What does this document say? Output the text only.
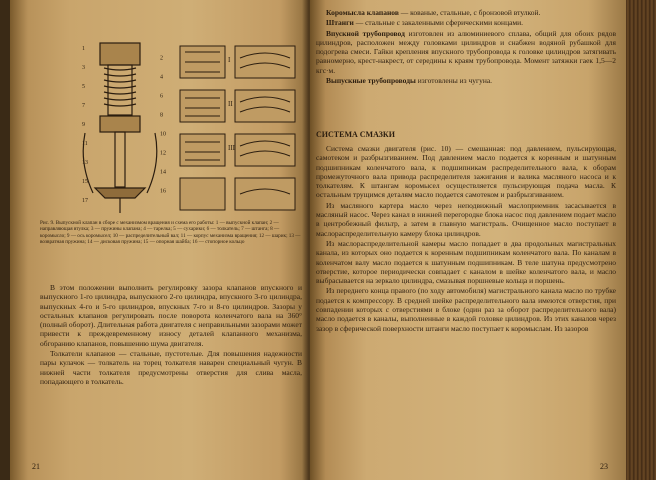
1
2
3
4
5
6
7
8
9
10
11
12
13
14
15
16
17
I
II
III
Рис. 9. Выпускной клапан в сборе с механизмом вращения и схема его работы: 1 — выпускной клапан; 2 — направляющая втулка; 3 — пружины клапана; 4 — тарелка; 5 — сухарики; 6 — толкатель; 7 — штанга; 8 — коромысло; 9 — ось коромысел; 10 — распределительный вал; 11 — корпус механизма вращения; 12 — шарик; 13 — возвратная пружина; 14 — дисковая пружина; 15 — опорная шайба; 16 — стопорное кольцо

В этом положении выполнить регулировку зазора клапанов впускного и выпускного 1-го цилиндра, выпускного 2-го цилиндра, впускного 3-го цилиндра, выпускных 4-го и 5-го цилиндров, впускных 7-го и 8-го цилиндров. Зазоры у остальных клапанов регулировать после поворота коленчатого вала на 360° (полный оборот). Длительная работа двигателя с неправильными зазорами может привести к преждевременному износу деталей клапанного механизма, обгоранию клапанов, повышению шума двигателя.

Толкатели клапанов — стальные, пустотелые. Для повышения надежности пары кулачок — толкатель на торец толкателя наварен специальный чугун. В нижней части толкателя предусмотрены отверстия для слива масла, попадающего в толкатель.

21

Коромысла клапанов — кованые, стальные, с бронзовой втулкой.

Штанги — стальные с закаленными сферическими концами.

Впускной трубопровод изготовлен из алюминиевого сплава, общий для обоих рядов цилиндров, расположен между головками цилиндров и снабжен водяной рубашкой для подогрева смеси. Гайки крепления впускного трубопровода к головке цилиндров затягивать равномерно, крест-накрест, от середины к краям трубопровода. Момент затяжки гаек 1,5—2 кгс·м.

Выпускные трубопроводы изготовлены из чугуна.

СИСТЕМА СМАЗКИ

Система смазки двигателя (рис. 10) — смешанная: под давлением, пульсирующая, самотеком и разбрызгиванием. Под давлением масло подается к коренным и шатунным подшипникам коленчатого вала, к подшипникам распределительного вала, к оборам промежуточного вала привода распределителя зажигания и валика масляного насоса и к толкателям. К штангам коромысел осуществляется пульсирующая подача масла. К остальным трущимся деталям масло подается самотеком и разбрызгиванием.

Из масляного картера масло через неподвижный маслоприемник засасывается в масляный насос. Через канал в нижней перегородке блока насос под давлением подает масло в центробежный фильтр, а затем в главную магистраль. Очищенное масло поступает в маслораспределительную камеру блока цилиндров.

Из маслораспределительной камеры масло попадает в два продольных магистральных канала, из которых оно подается к коренным подшипникам коленчатого вала. По каналам в коленчатом валу масло подается к шатунным подшипникам. В теле шатуна предусмотрено отверстие, которое периодически совпадает с каналом в шейке коленчатого вала, и масло выбрасывается на зеркало цилиндра, смазывая поршневые кольца и поршень.

Из переднего конца правого (по ходу автомобиля) магистрального канала масло по трубке подается к компрессору. В средней шейке распределительного вала имеются отверстия, при совпадении которых с отверстиями в блоке (один раз за оборот распределительного вала) масло подается в каналы, выполненные в каждой головке цилиндров. Из этих каналов через зазор в сферической поверхности штанги масло поступает к коромыслам. Из зазоров

23
